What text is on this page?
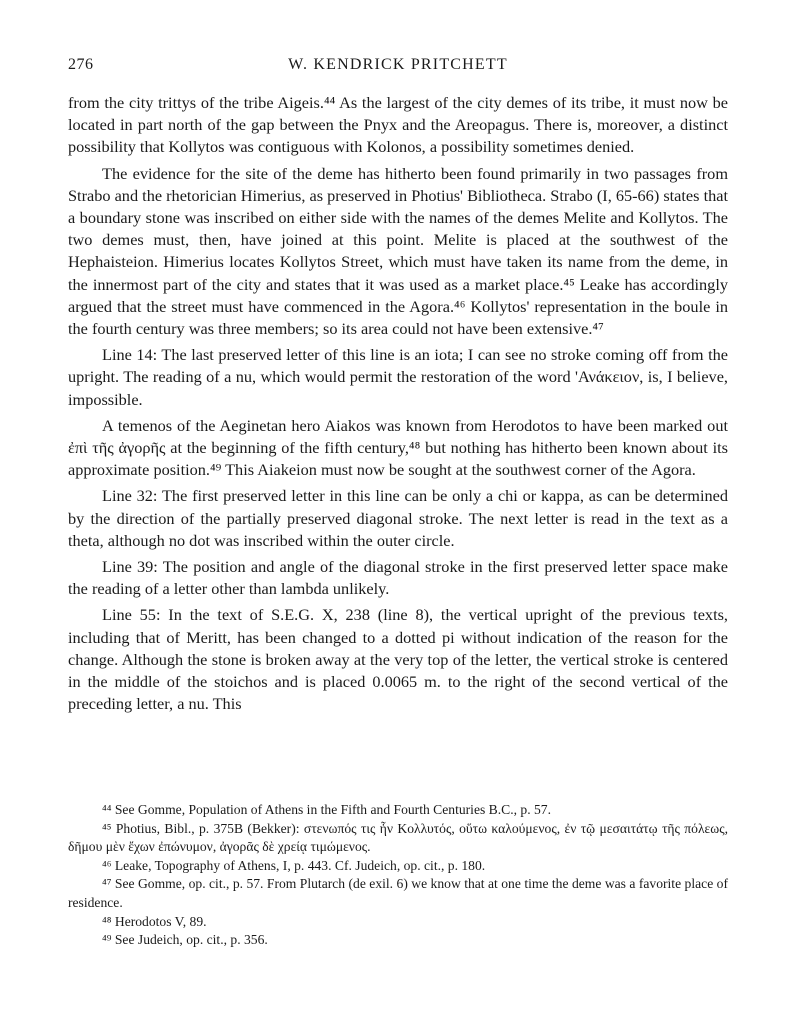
276	W. KENDRICK PRITCHETT

from the city trittys of the tribe Aigeis.⁴⁴ As the largest of the city demes of its tribe, it must now be located in part north of the gap between the Pnyx and the Areopagus. There is, moreover, a distinct possibility that Kollytos was contiguous with Kolonos, a possibility sometimes denied.

The evidence for the site of the deme has hitherto been found primarily in two passages from Strabo and the rhetorician Himerius, as preserved in Photius' Bibliotheca. Strabo (I, 65-66) states that a boundary stone was inscribed on either side with the names of the demes Melite and Kollytos. The two demes must, then, have joined at this point. Melite is placed at the southwest of the Hephaisteion. Himerius locates Kollytos Street, which must have taken its name from the deme, in the innermost part of the city and states that it was used as a market place.⁴⁵ Leake has accordingly argued that the street must have commenced in the Agora.⁴⁶ Kollytos' representation in the boule in the fourth century was three members; so its area could not have been extensive.⁴⁷

Line 14: The last preserved letter of this line is an iota; I can see no stroke coming off from the upright. The reading of a nu, which would permit the restoration of the word 'Ανάκειον, is, I believe, impossible.

A temenos of the Aeginetan hero Aiakos was known from Herodotos to have been marked out ἐπὶ τῆς ἀγορῆς at the beginning of the fifth century,⁴⁸ but nothing has hitherto been known about its approximate position.⁴⁹ This Aiakeion must now be sought at the southwest corner of the Agora.

Line 32: The first preserved letter in this line can be only a chi or kappa, as can be determined by the direction of the partially preserved diagonal stroke. The next letter is read in the text as a theta, although no dot was inscribed within the outer circle.

Line 39: The position and angle of the diagonal stroke in the first preserved letter space make the reading of a letter other than lambda unlikely.

Line 55: In the text of S.E.G. X, 238 (line 8), the vertical upright of the previous texts, including that of Meritt, has been changed to a dotted pi without indication of the reason for the change. Although the stone is broken away at the very top of the letter, the vertical stroke is centered in the middle of the stoichos and is placed 0.0065 m. to the right of the second vertical of the preceding letter, a nu. This

⁴⁴ See Gomme, Population of Athens in the Fifth and Fourth Centuries B.C., p. 57.

⁴⁵ Photius, Bibl., p. 375B (Bekker): στενωπός τις ἦν Κολλυτός, οὕτω καλούμενος, ἐν τῷ μεσαιτάτῳ τῆς πόλεως, δῆμου μὲν ἔχων ἐπώνυμον, ἀγορᾶς δὲ χρείᾳ τιμώμενος.

⁴⁶ Leake, Topography of Athens, I, p. 443. Cf. Judeich, op. cit., p. 180.

⁴⁷ See Gomme, op. cit., p. 57. From Plutarch (de exil. 6) we know that at one time the deme was a favorite place of residence.

⁴⁸ Herodotos V, 89.

⁴⁹ See Judeich, op. cit., p. 356.
